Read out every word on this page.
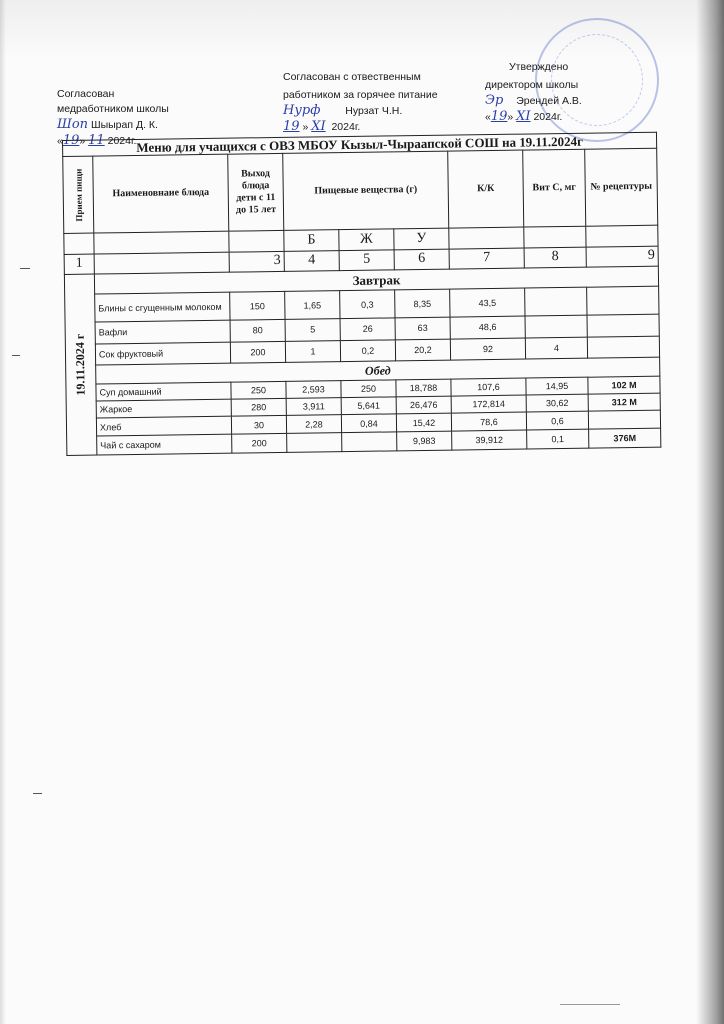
Согласован
медработником школы
Шоп Шыырап Д. К.
«19» 11 2024г.
Согласован с отвественным
работником за горячее питание
Нурф Нурзат Ч.Н.
19 » XI 2024г.
Утверждено
директором школы
Эр Эрендей А.В.
«19» XI 2024г.
Меню для учащихся с ОВЗ МБОУ Кызыл-Чыраапской СОШ на 19.11.2024г								

Прием пищи	Наименовнаие блюда	Выход блюда дети с 11 до 15 лет	Пищевые вещества (г)			К/К	Вит С, мг	№ рецептуры
			Б	Ж	У			
1		3	4	5	6	7	8	9

19.11.2024 г	Завтрак							
	Блины с сгущенным молоком	150	1,65	0,3	8,35	43,5		
	Вафли	80	5	26	63	48,6		
	Сок фруктовый	200	1	0,2	20,2	92	4	
	Обед							
	Суп домашний	250	2,593	250	18,788	107,6	14,95	102 М
	Жаркое	280	3,911	5,641	26,476	172,814	30,62	312 М
	Хлеб	30	2,28	0,84	15,42	78,6	0,6	
	Чай с сахаром	200			9,983	39,912	0,1	376М
